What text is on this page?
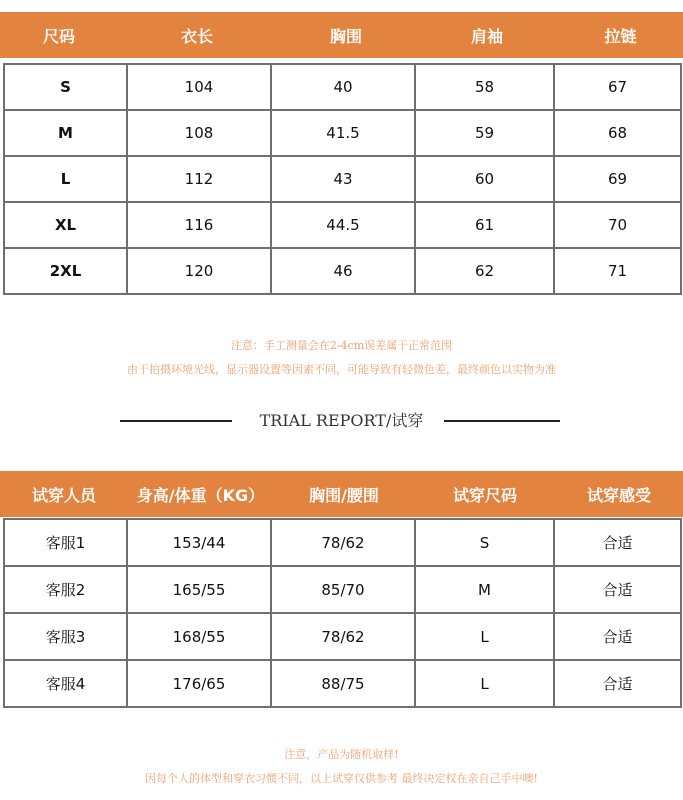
尺码	衣长	胸围	肩袖	拉链
S	104	40	58	67
M	108	41.5	59	68
L	112	43	60	69
XL	116	44.5	61	70
2XL	120	46	62	71
注意：手工测量会在2-4cm误差属于正常范围
由于拍摄环境光线，显示器设置等因素不同，可能导致有轻微色差，最终颜色以实物为准
TRIAL REPORT/试穿
试穿人员	身高/体重（KG）	胸围/腰围	试穿尺码	试穿感受
客服1	153/44	78/62	S	合适
客服2	165/55	85/70	M	合适
客服3	168/55	78/62	L	合适
客服4	176/65	88/75	L	合适
注意，产品为随机取样!
因每个人的体型和穿衣习惯不同，以上试穿仅供参考 最终决定权在亲自己手中噢!
